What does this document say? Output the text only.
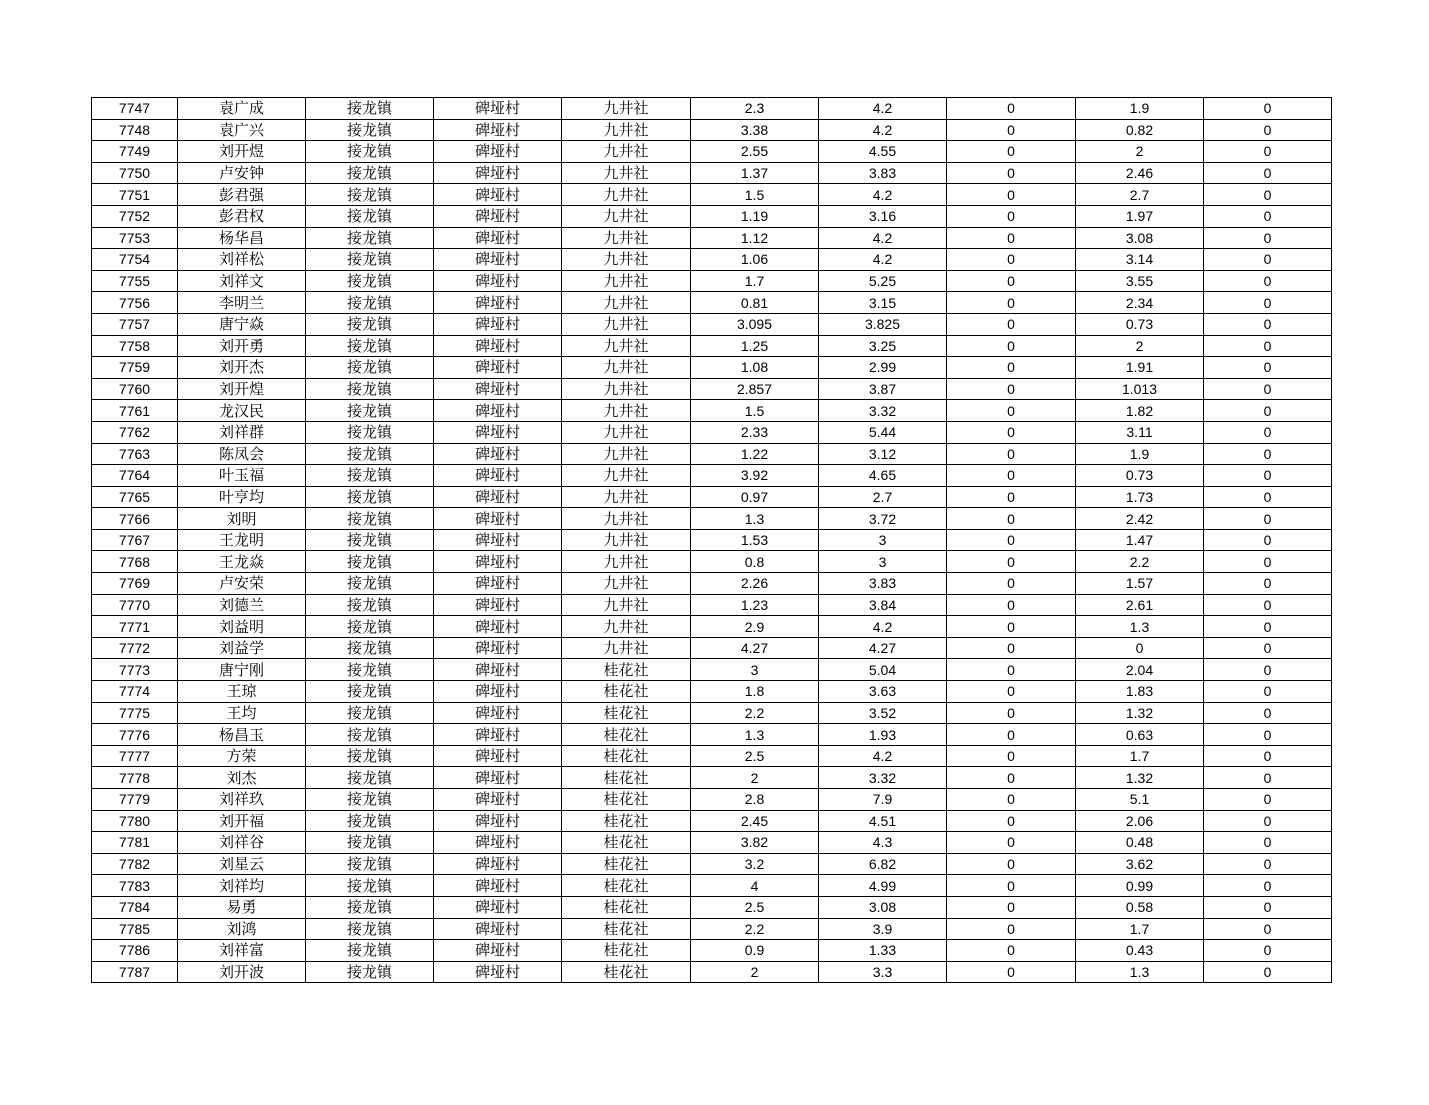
7747	袁广成	接龙镇	碑垭村	九井社	2.3	4.2	0	1.9	0
7748	袁广兴	接龙镇	碑垭村	九井社	3.38	4.2	0	0.82	0
7749	刘开煜	接龙镇	碑垭村	九井社	2.55	4.55	0	2	0
7750	卢安钟	接龙镇	碑垭村	九井社	1.37	3.83	0	2.46	0
7751	彭君强	接龙镇	碑垭村	九井社	1.5	4.2	0	2.7	0
7752	彭君权	接龙镇	碑垭村	九井社	1.19	3.16	0	1.97	0
7753	杨华昌	接龙镇	碑垭村	九井社	1.12	4.2	0	3.08	0
7754	刘祥松	接龙镇	碑垭村	九井社	1.06	4.2	0	3.14	0
7755	刘祥文	接龙镇	碑垭村	九井社	1.7	5.25	0	3.55	0
7756	李明兰	接龙镇	碑垭村	九井社	0.81	3.15	0	2.34	0
7757	唐宁焱	接龙镇	碑垭村	九井社	3.095	3.825	0	0.73	0
7758	刘开勇	接龙镇	碑垭村	九井社	1.25	3.25	0	2	0
7759	刘开杰	接龙镇	碑垭村	九井社	1.08	2.99	0	1.91	0
7760	刘开煌	接龙镇	碑垭村	九井社	2.857	3.87	0	1.013	0
7761	龙汉民	接龙镇	碑垭村	九井社	1.5	3.32	0	1.82	0
7762	刘祥群	接龙镇	碑垭村	九井社	2.33	5.44	0	3.11	0
7763	陈凤会	接龙镇	碑垭村	九井社	1.22	3.12	0	1.9	0
7764	叶玉福	接龙镇	碑垭村	九井社	3.92	4.65	0	0.73	0
7765	叶亨均	接龙镇	碑垭村	九井社	0.97	2.7	0	1.73	0
7766	刘明	接龙镇	碑垭村	九井社	1.3	3.72	0	2.42	0
7767	王龙明	接龙镇	碑垭村	九井社	1.53	3	0	1.47	0
7768	王龙焱	接龙镇	碑垭村	九井社	0.8	3	0	2.2	0
7769	卢安荣	接龙镇	碑垭村	九井社	2.26	3.83	0	1.57	0
7770	刘德兰	接龙镇	碑垭村	九井社	1.23	3.84	0	2.61	0
7771	刘益明	接龙镇	碑垭村	九井社	2.9	4.2	0	1.3	0
7772	刘益学	接龙镇	碑垭村	九井社	4.27	4.27	0	0	0
7773	唐宁刚	接龙镇	碑垭村	桂花社	3	5.04	0	2.04	0
7774	王琼	接龙镇	碑垭村	桂花社	1.8	3.63	0	1.83	0
7775	王均	接龙镇	碑垭村	桂花社	2.2	3.52	0	1.32	0
7776	杨昌玉	接龙镇	碑垭村	桂花社	1.3	1.93	0	0.63	0
7777	方荣	接龙镇	碑垭村	桂花社	2.5	4.2	0	1.7	0
7778	刘杰	接龙镇	碑垭村	桂花社	2	3.32	0	1.32	0
7779	刘祥玖	接龙镇	碑垭村	桂花社	2.8	7.9	0	5.1	0
7780	刘开福	接龙镇	碑垭村	桂花社	2.45	4.51	0	2.06	0
7781	刘祥谷	接龙镇	碑垭村	桂花社	3.82	4.3	0	0.48	0
7782	刘星云	接龙镇	碑垭村	桂花社	3.2	6.82	0	3.62	0
7783	刘祥均	接龙镇	碑垭村	桂花社	4	4.99	0	0.99	0
7784	易勇	接龙镇	碑垭村	桂花社	2.5	3.08	0	0.58	0
7785	刘鸿	接龙镇	碑垭村	桂花社	2.2	3.9	0	1.7	0
7786	刘祥富	接龙镇	碑垭村	桂花社	0.9	1.33	0	0.43	0
7787	刘开波	接龙镇	碑垭村	桂花社	2	3.3	0	1.3	0
